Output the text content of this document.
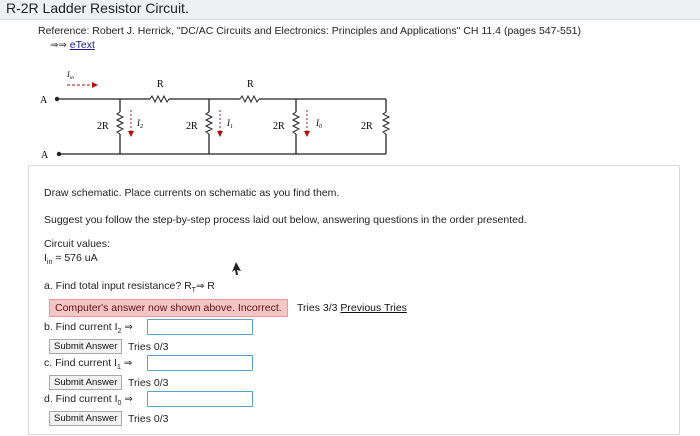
R-2R Ladder Resistor Circuit.
Reference: Robert J. Herrick, "DC/AC Circuits and Electronics: Principles and Applications" CH 11.4 (pages 547-551)
⇒⇒ eText
A
A
$I_{in}$
R	R
2R	$I_2$	2R	$I_1$	2R	$I_0$	2R
Draw schematic. Place currents on schematic as you find them.
Suggest you follow the step-by-step process laid out below, answering questions in the order presented.
Circuit values:
$I_{in} = 576$ uA
a. Find total input resistance? $R_T\Rightarrow$ R
Computer's answer now shown above. Incorrect.	Tries 3/3 Previous Tries
b. Find current $I_2$ ⇒
Submit Answer	Tries 0/3
c. Find current $I_1$ ⇒
Submit Answer	Tries 0/3
d. Find current $I_0$ ⇒
Submit Answer	Tries 0/3
